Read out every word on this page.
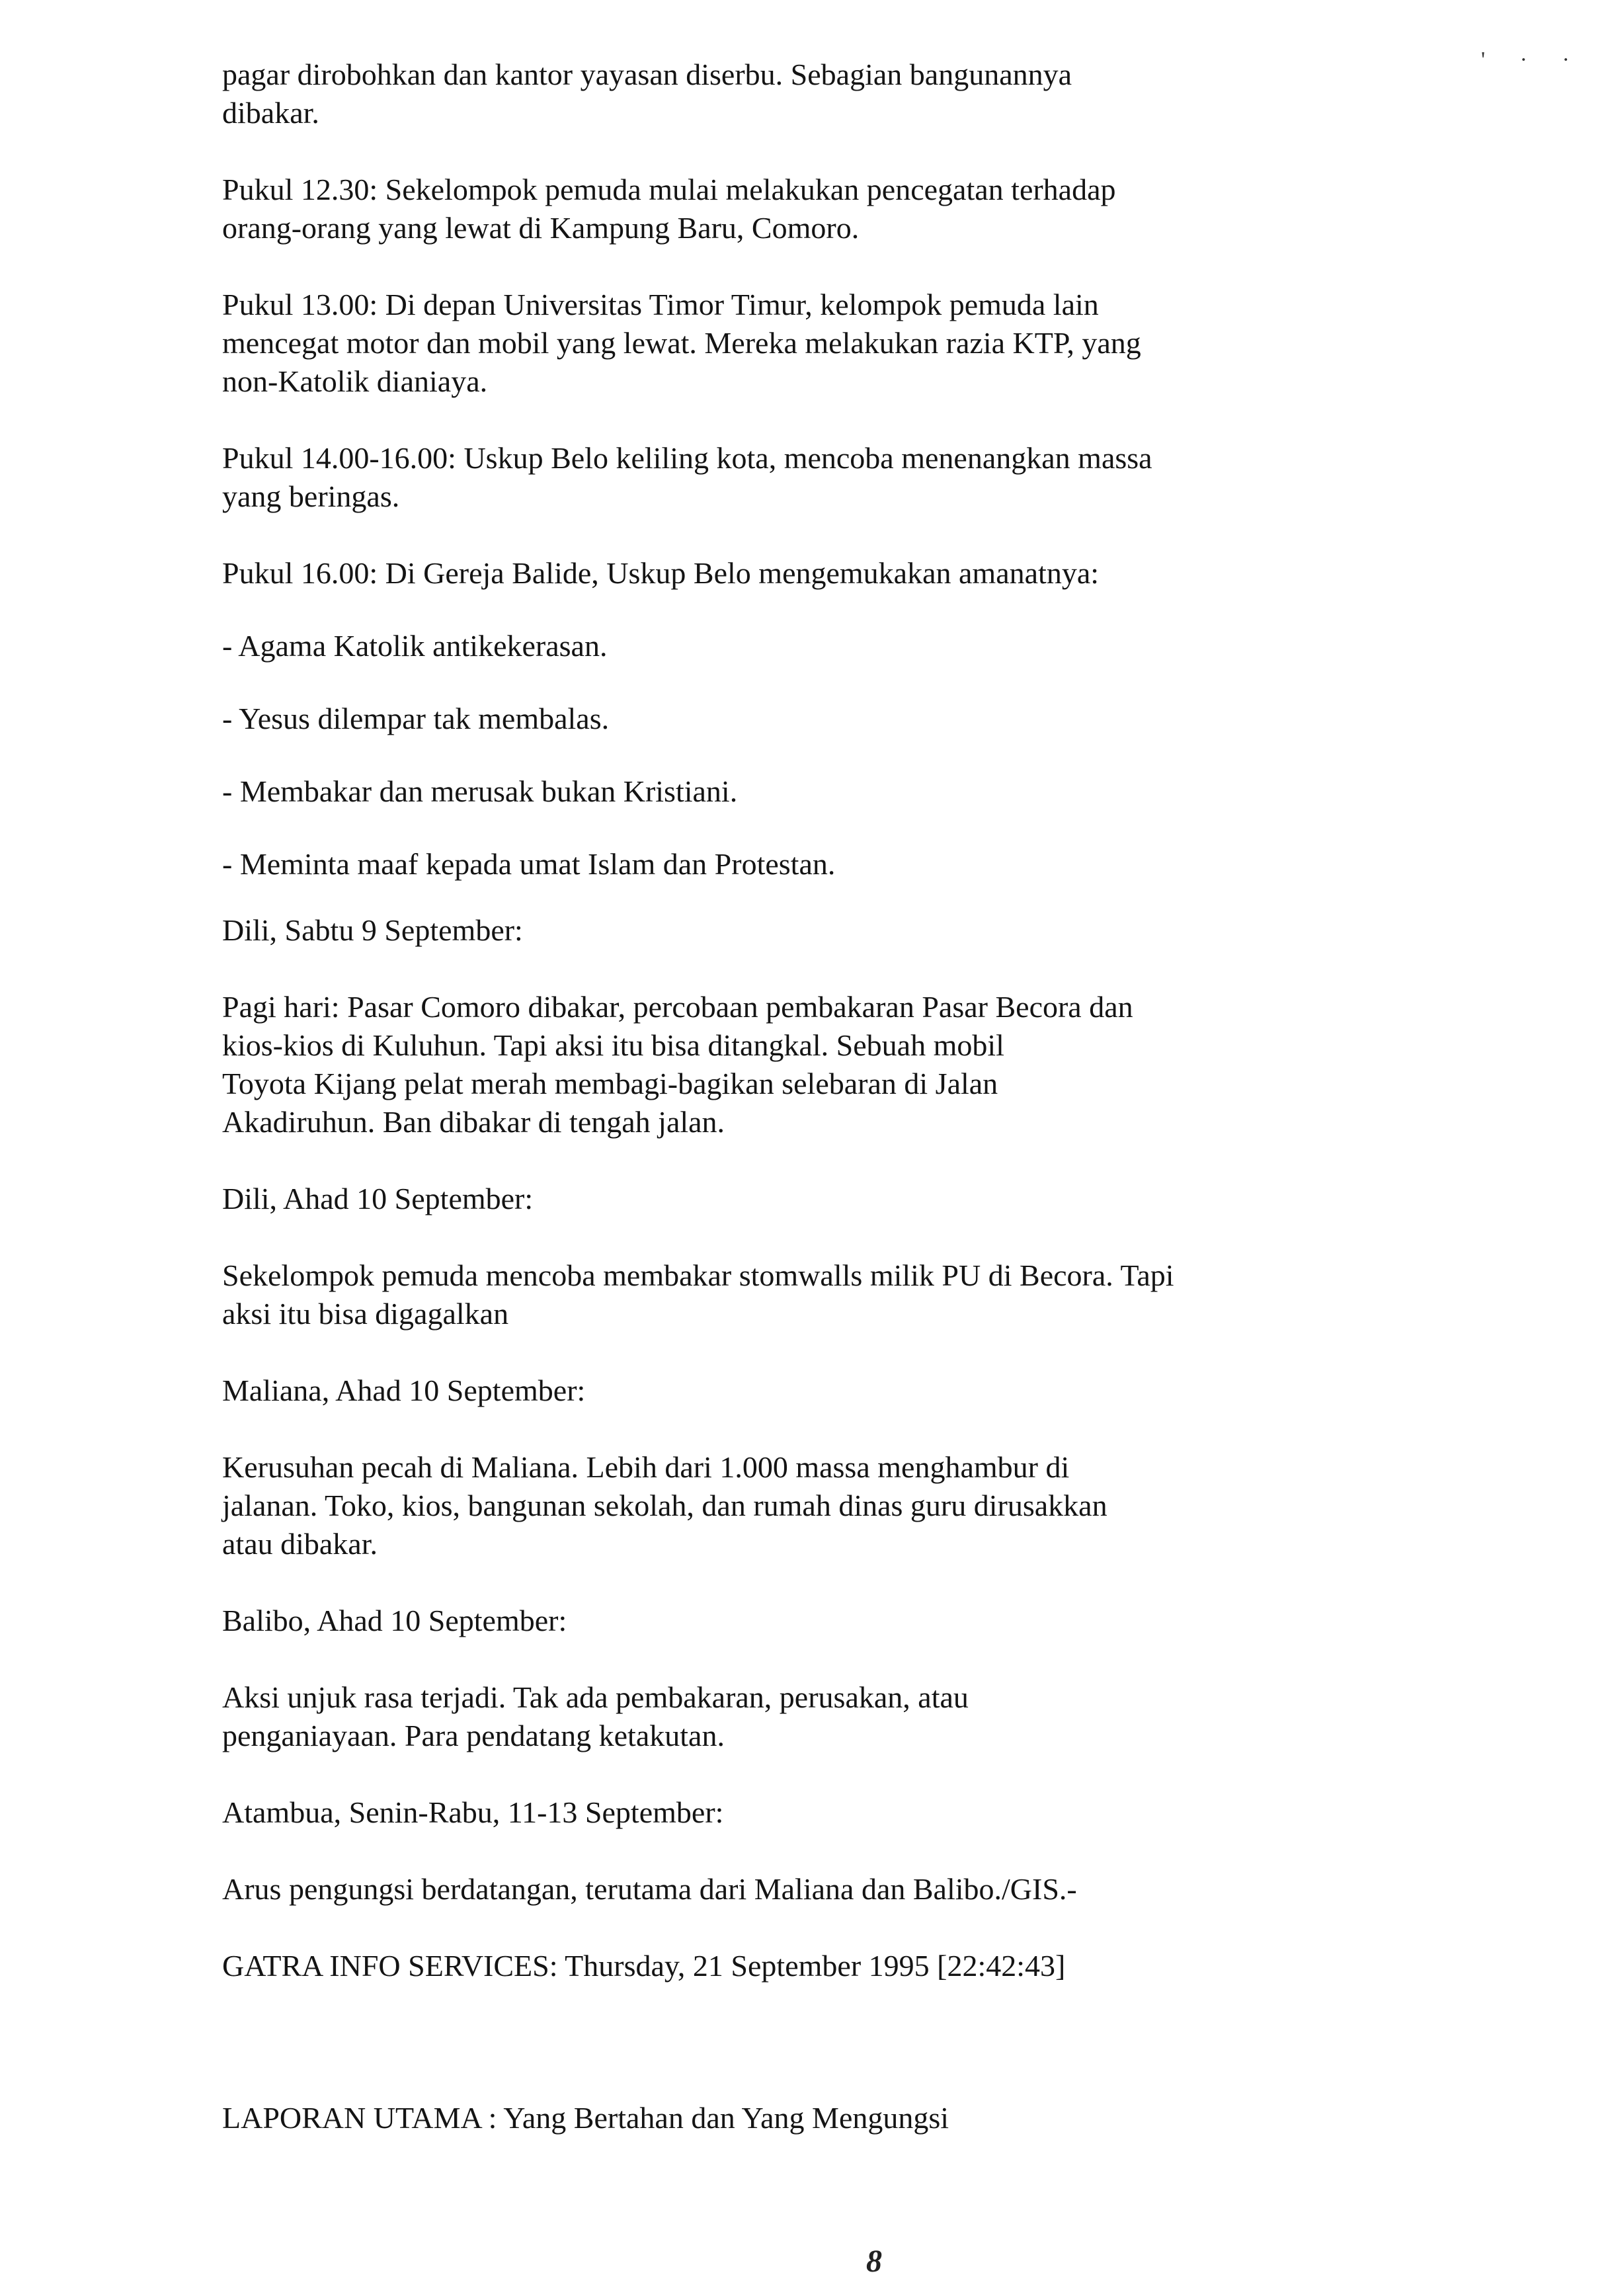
' · ·

pagar dirobohkan dan kantor yayasan diserbu. Sebagian bangunannya
dibakar.

Pukul 12.30: Sekelompok pemuda mulai melakukan pencegatan terhadap
orang-orang yang lewat di Kampung Baru, Comoro.

Pukul 13.00: Di depan Universitas Timor Timur, kelompok pemuda lain
mencegat motor dan mobil yang lewat. Mereka melakukan razia KTP, yang
non-Katolik dianiaya.

Pukul 14.00-16.00: Uskup Belo keliling kota, mencoba menenangkan massa
yang beringas.

Pukul 16.00: Di Gereja Balide, Uskup Belo mengemukakan amanatnya:

- Agama Katolik antikekerasan.

- Yesus dilempar tak membalas.

- Membakar dan merusak bukan Kristiani.

- Meminta maaf kepada umat Islam dan Protestan.

Dili, Sabtu 9 September:

Pagi hari: Pasar Comoro dibakar, percobaan pembakaran Pasar Becora dan
kios-kios di Kuluhun. Tapi aksi itu bisa ditangkal. Sebuah mobil
Toyota Kijang pelat merah membagi-bagikan selebaran di Jalan
Akadiruhun. Ban dibakar di tengah jalan.

Dili, Ahad 10 September:

Sekelompok pemuda mencoba membakar stomwalls milik PU di Becora. Tapi
aksi itu bisa digagalkan

Maliana, Ahad 10 September:

Kerusuhan pecah di Maliana. Lebih dari 1.000 massa menghambur di
jalanan. Toko, kios, bangunan sekolah, dan rumah dinas guru dirusakkan
atau dibakar.

Balibo, Ahad 10 September:

Aksi unjuk rasa terjadi. Tak ada pembakaran, perusakan, atau
penganiayaan. Para pendatang ketakutan.

Atambua, Senin-Rabu, 11-13 September:

Arus pengungsi berdatangan, terutama dari Maliana dan Balibo./GIS.-

GATRA INFO SERVICES: Thursday, 21 September 1995 [22:42:43]

LAPORAN UTAMA : Yang Bertahan dan Yang Mengungsi

8
